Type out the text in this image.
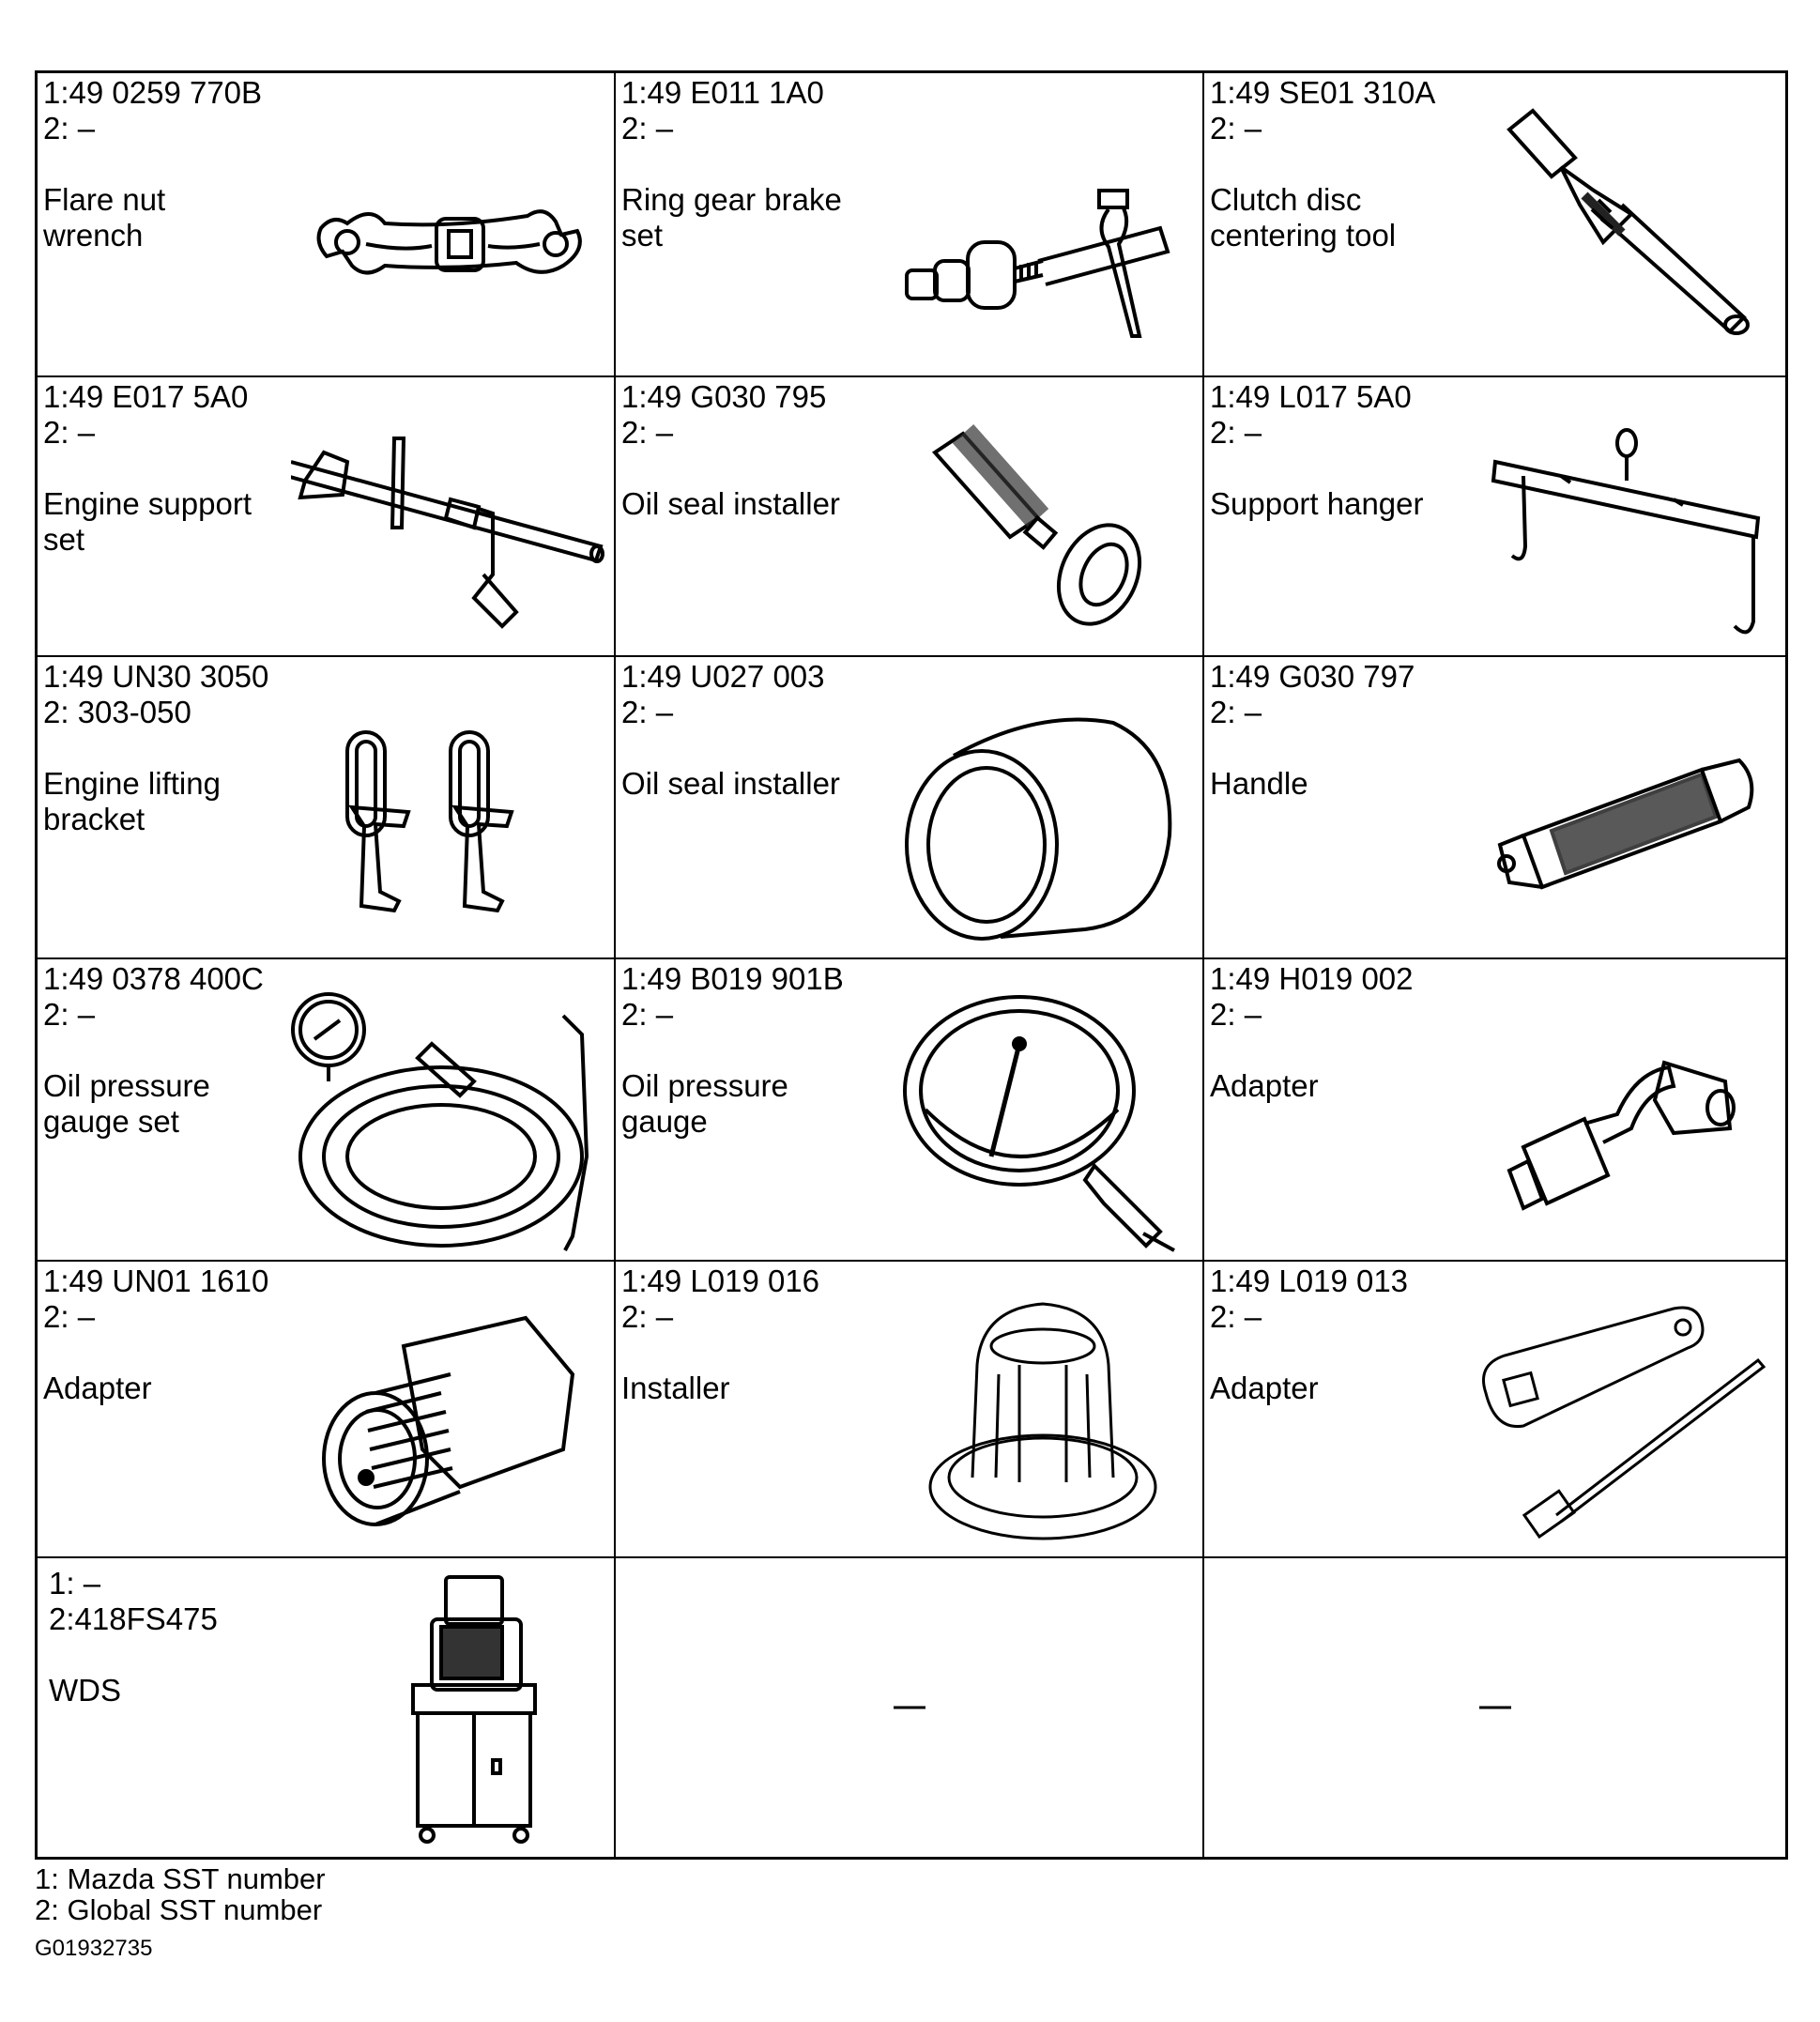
1:49 0259 770B
2: –
Flare nut
wrench
1:49 E011 1A0
2: –
Ring gear brake
set
1:49 SE01 310A
2: –
Clutch disc
centering tool
1:49 E017 5A0
2: –
Engine support
set
1:49 G030 795
2: –
Oil seal installer
1:49 L017 5A0
2: –
Support hanger
1:49 UN30 3050
2: 303-050
Engine lifting
bracket
1:49 U027 003
2: –
Oil seal installer
1:49 G030 797
2: –
Handle
1:49 0378 400C
2: –
Oil pressure
gauge set
1:49 B019 901B
2: –
Oil pressure
gauge
1:49 H019 002
2: –
Adapter
1:49 UN01 1610
2: –
Adapter
1:49 L019 016
2: –
Installer
1:49 L019 013
2: –
Adapter
1: –
2:418FS475
WDS
1: Mazda SST number
2: Global SST number
G01932735
